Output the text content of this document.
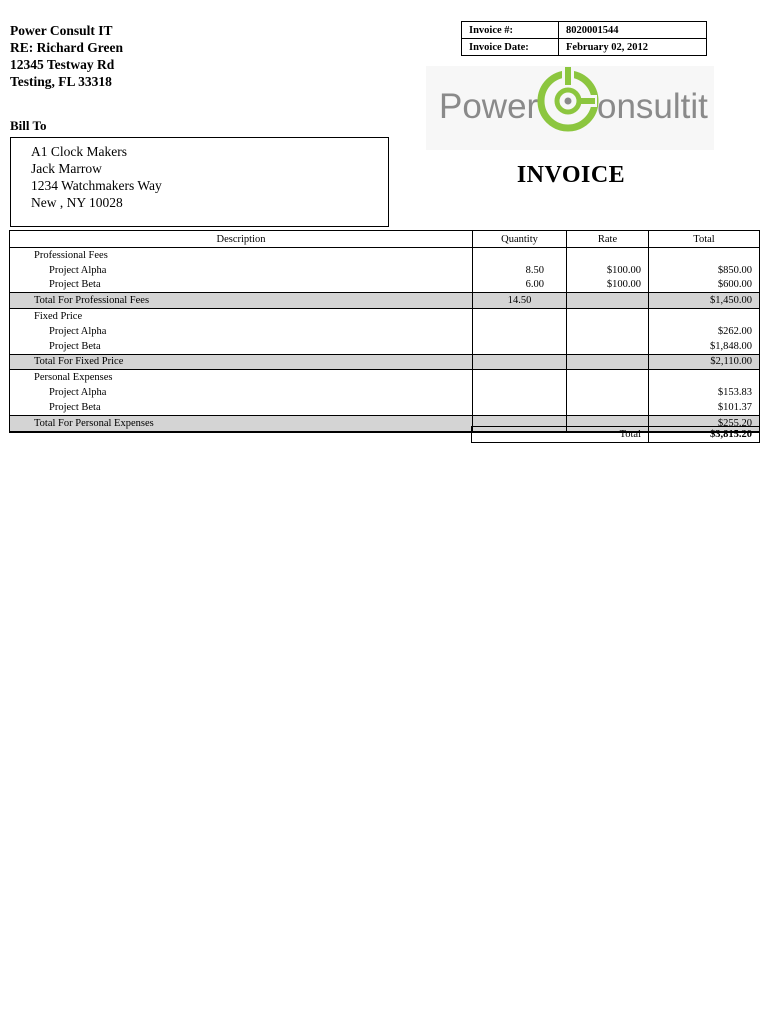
Power Consult IT
RE: Richard Green
12345 Testway Rd
Testing, FL 33318
Invoice #:	8020001544
Invoice Date:	February 02, 2012
Power onsultit
Bill To
A1 Clock Makers
Jack Marrow
1234 Watchmakers Way
New , NY 10028
INVOICE
Description	Quantity	Rate	Total
Professional Fees			
Project Alpha	8.50	$100.00	$850.00
Project Beta	6.00	$100.00	$600.00
Total For Professional Fees	14.50		$1,450.00
Fixed Price			
Project Alpha			$262.00
Project Beta			$1,848.00
Total For Fixed Price			$2,110.00
Personal Expenses			
Project Alpha			$153.83
Project Beta			$101.37
Total For Personal Expenses			$255.20
Total	$3,815.20
